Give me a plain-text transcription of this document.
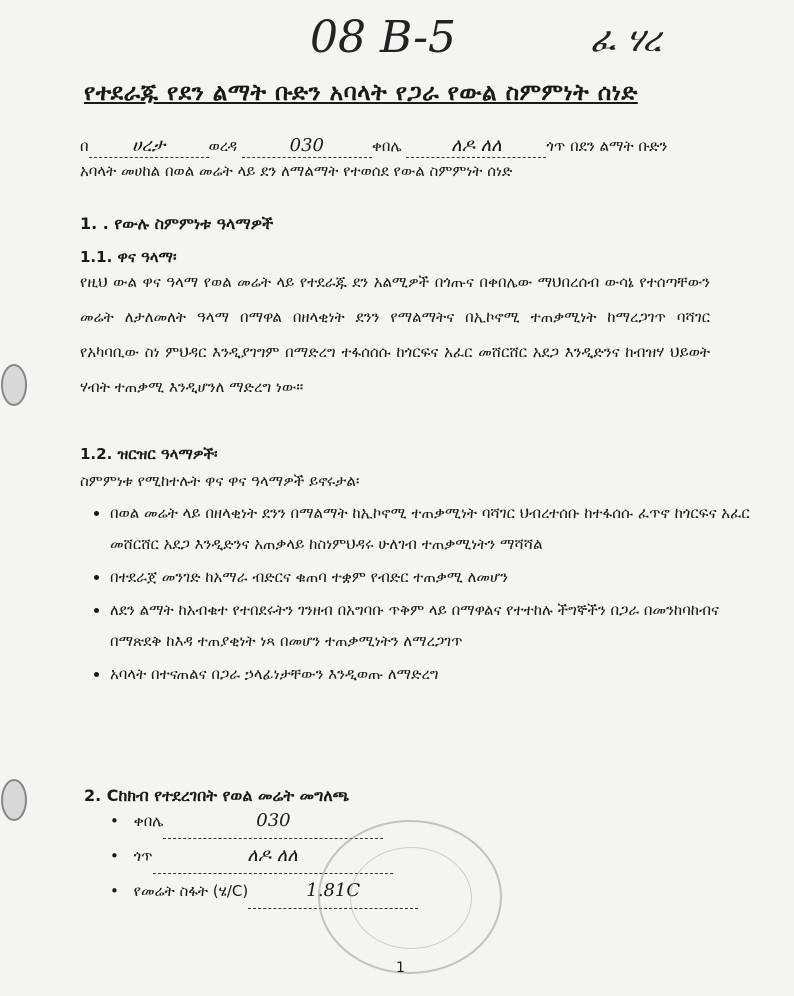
08 B-5	ፈ ሃረ
የተደራጁ የደን ልማት ቡድን አባላት የጋራ የውል ስምምነት ሰነድ
በ ሀረታ	ወረዳ	030	ቀበሌ	ለዶ ለለ	ጎጥ በደን ልማት ቡድን
አባላት መሀከል በወል መሬት ላይ ደን ለማልማት የተወሰደ የውል ስምምነት ሰነድ
1. . የውሉ ስምምነቱ ዓላማዎች
1.1. ዋና ዓላማ፡
የዚህ ውል ዋና ዓላማ የወል መሬት ላይ የተደራጁ ደን አልሚዎች በጎጡና በቀበሌው ማህበረሰብ ውሳኔ የተሰጣቸውን መሬት ለታለመለት ዓላማ በማዋል በዘላቂነት ደንን የማልማትና በኢኮኖሚ ተጠቃሚነት ከማረጋገጥ ባሻገር የአካባቢው ስነ ምህዳር እንዲያገግም በማድረግ ተፋሰሰሱ ከጎርፍና አፈር መሸርሸር አደጋ እንዲድንና ከብዝሃ ህይወት ሃብት ተጠቃሚ እንዲሆንለ ማድረግ ነው፡፡
1.2. ዝርዝር ዓላማዎች፡
ስምምነቱ የሚከተሉት ዋና ዋና ዓላማዎች ይኖሩታል፡
• በወል መሬት ላይ በዘላቂነት ደንን በማልማት ከኢኮኖሚ ተጠቃሚነት ባሻገር ህብረተሰቡ ከተፋሰሱ ፈጥኖ ከጎርፍና አፈር መሸርሸር አደጋ እንዲድንና አጠቃላይ ከስነምህዳሩ ሁለገብ ተጠቃሚነትን ማሻሻል
• በተደራጀ መንገድ ከአማራ ብድርና ቁጠባ ተቋም የብድር ተጠቃሚ ለመሆን
• ለደን ልማት ከአብቁተ የተበደሩትን ገንዘብ በአግባቡ ጥቅም ላይ በማዋልና የተተከሉ ችግኞችን በጋራ በመንከባከብና በማጽደቅ ከእዳ ተጠያቂነት ነጻ በመሆን ተጠቃሚነትን ለማረጋገጥ
• አባላት በተናጠልና በጋራ ኃላፊነታቸውን እንዲወጡ ለማድረግ
2. Cከክብ የተደረገበት የወል መሬት መግለጫ
• ቀበሌ	030
• ጎጥ	ለዶ ለለ
• የመሬት ስፋት (ሄ/C)	1.81C
1
